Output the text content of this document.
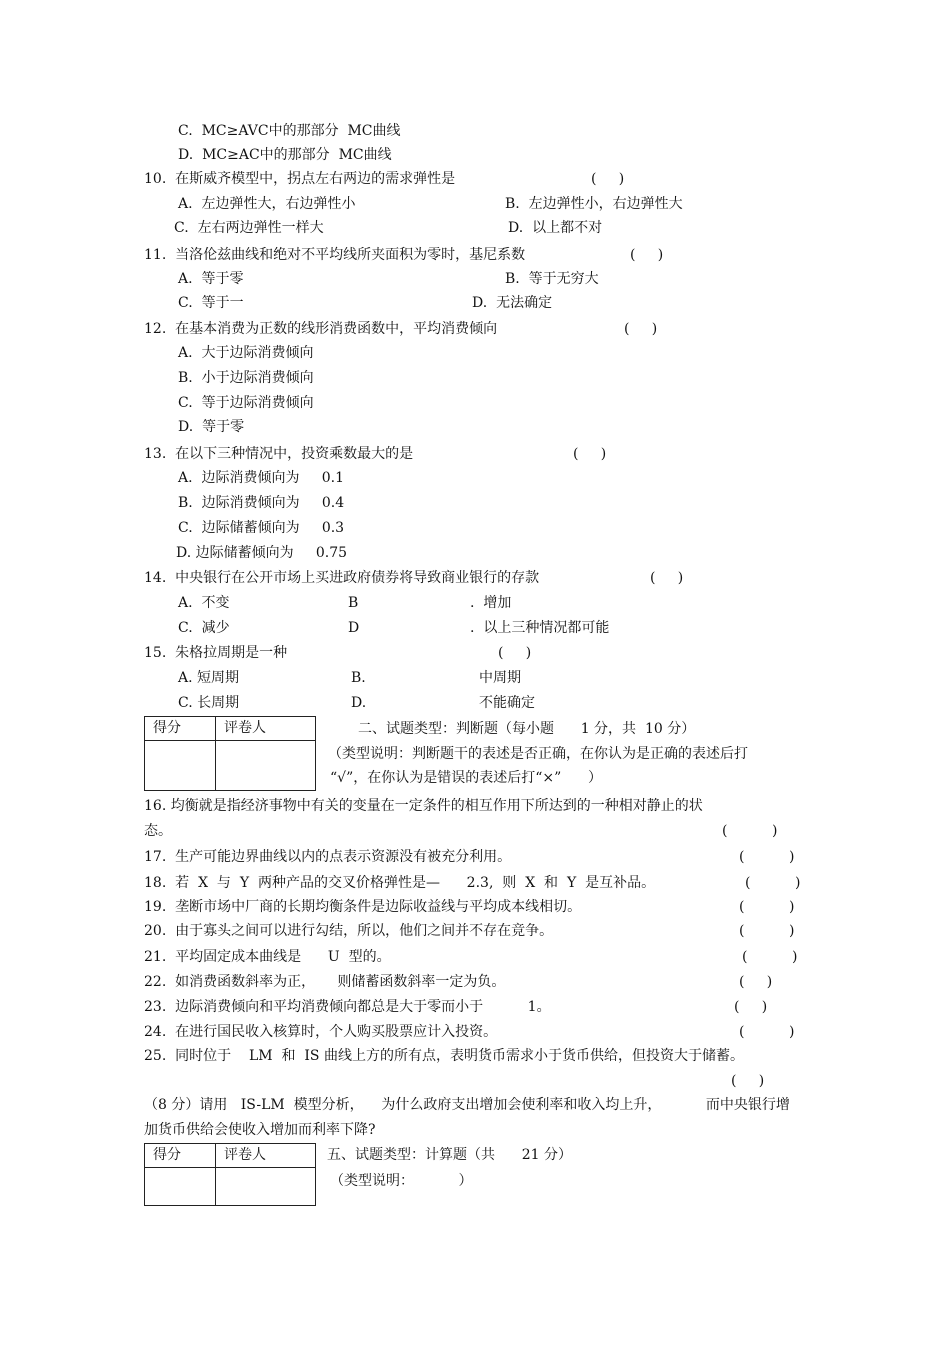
C.  MC≥AVC中的那部分  MC曲线

D.  MC≥AC中的那部分  MC曲线

10.  在斯威齐模型中，拐点左右两边的需求弹性是	(     )

A.  左边弹性大，右边弹性小	B.  左边弹性小，右边弹性大

C.  左右两边弹性一样大	D.  以上都不对

11.  当洛伦兹曲线和绝对不平均线所夹面积为零时，基尼系数	(     )

A.  等于零	B.  等于无穷大

C.  等于一	D.  无法确定

12.  在基本消费为正数的线形消费函数中，平均消费倾向	(     )

A.  大于边际消费倾向

B.  小于边际消费倾向

C.  等于边际消费倾向

D.  等于零

13.  在以下三种情况中，投资乘数最大的是	(     )

A.  边际消费倾向为     0.1

B.  边际消费倾向为     0.4

C.  边际储蓄倾向为     0.3

D. 边际储蓄倾向为     0.75

14.  中央银行在公开市场上买进政府债券将导致商业银行的存款	(     )

A.  不变	B	.  增加

C.  减少	D	.  以上三种情况都可能

15.  朱格拉周期是一种	(     )

A. 短周期	B.	中周期

C. 长周期	D.	不能确定

得分	评卷人
		二、试题类型：判断题（每小题      1 分，共  10 分）

（类型说明：判断题干的表述是否正确，在你认为是正确的表述后打

“√”，在你认为是错误的表述后打“×”      ）

16. 均衡就是指经济事物中有关的变量在一定条件的相互作用下所达到的一种相对静止的状

态。	(          )

17.  生产可能边界曲线以内的点表示资源没有被充分利用。	(          )

18.  若  X  与  Y  两种产品的交叉价格弹性是—      2.3,  则  X  和  Y  是互补品。	(          )

19.  垄断市场中厂商的长期均衡条件是边际收益线与平均成本线相切。	(          )

20.  由于寡头之间可以进行勾结，所以，他们之间并不存在竞争。	(          )

21.  平均固定成本曲线是      U  型的。	(          )

22.  如消费函数斜率为正，     则储蓄函数斜率一定为负。	(     )

23.  边际消费倾向和平均消费倾向都总是大于零而小于          1。	(     )

24.  在进行国民收入核算时，个人购买股票应计入投资。	(          )

25.  同时位于    LM  和  IS 曲线上方的所有点，表明货币需求小于货币供给，但投资大于储蓄。

(     )

（8 分）请用   IS-LM  模型分析，    为什么政府支出增加会使利率和收入均上升，          而中央银行增

加货币供给会使收入增加而利率下降?

得分	评卷人
		五、试题类型：计算题（共      21 分）

（类型说明：          ）
